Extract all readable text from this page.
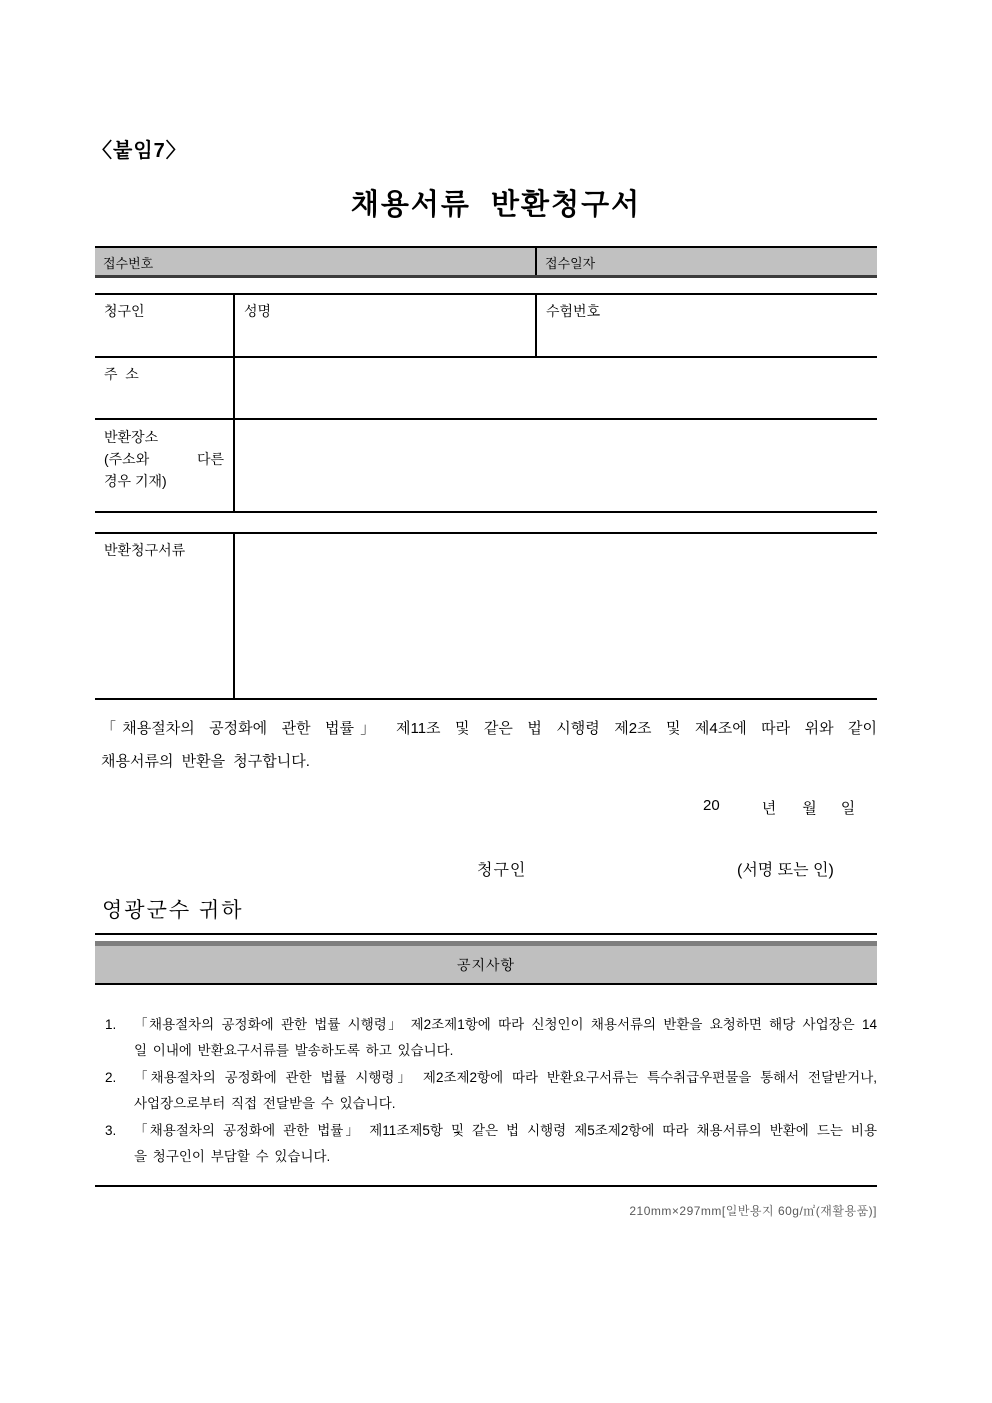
〈붙임7〉
채용서류  반환청구서
접수번호	접수일자
청구인	성명	수험번호
주  소
반환장소
(주소와 다른
경우 기재)
반환청구서류
「채용절차의 공정화에 관한 법률」 제11조 및 같은 법 시행령 제2조 및 제4조에 따라 위와 같이
채용서류의 반환을 청구합니다.
20	년 월 일
청구인	(서명 또는 인)
영광군수 귀하
공지사항
1.	「채용절차의 공정화에 관한 법률 시행령」 제2조제1항에 따라 신청인이 채용서류의 반환을 요청하면 해당 사업장은 14
일 이내에 반환요구서류를 발송하도록 하고 있습니다.
2.	「채용절차의 공정화에 관한 법률 시행령」 제2조제2항에 따라 반환요구서류는 특수취급우편물을 통해서 전달받거나,
사업장으로부터 직접 전달받을 수 있습니다.
3.	「채용절차의 공정화에 관한 법률」 제11조제5항 및 같은 법 시행령 제5조제2항에 따라 채용서류의 반환에 드는 비용
을 청구인이 부담할 수 있습니다.
210mm×297mm[일반용지 60g/㎡(재활용품)]
